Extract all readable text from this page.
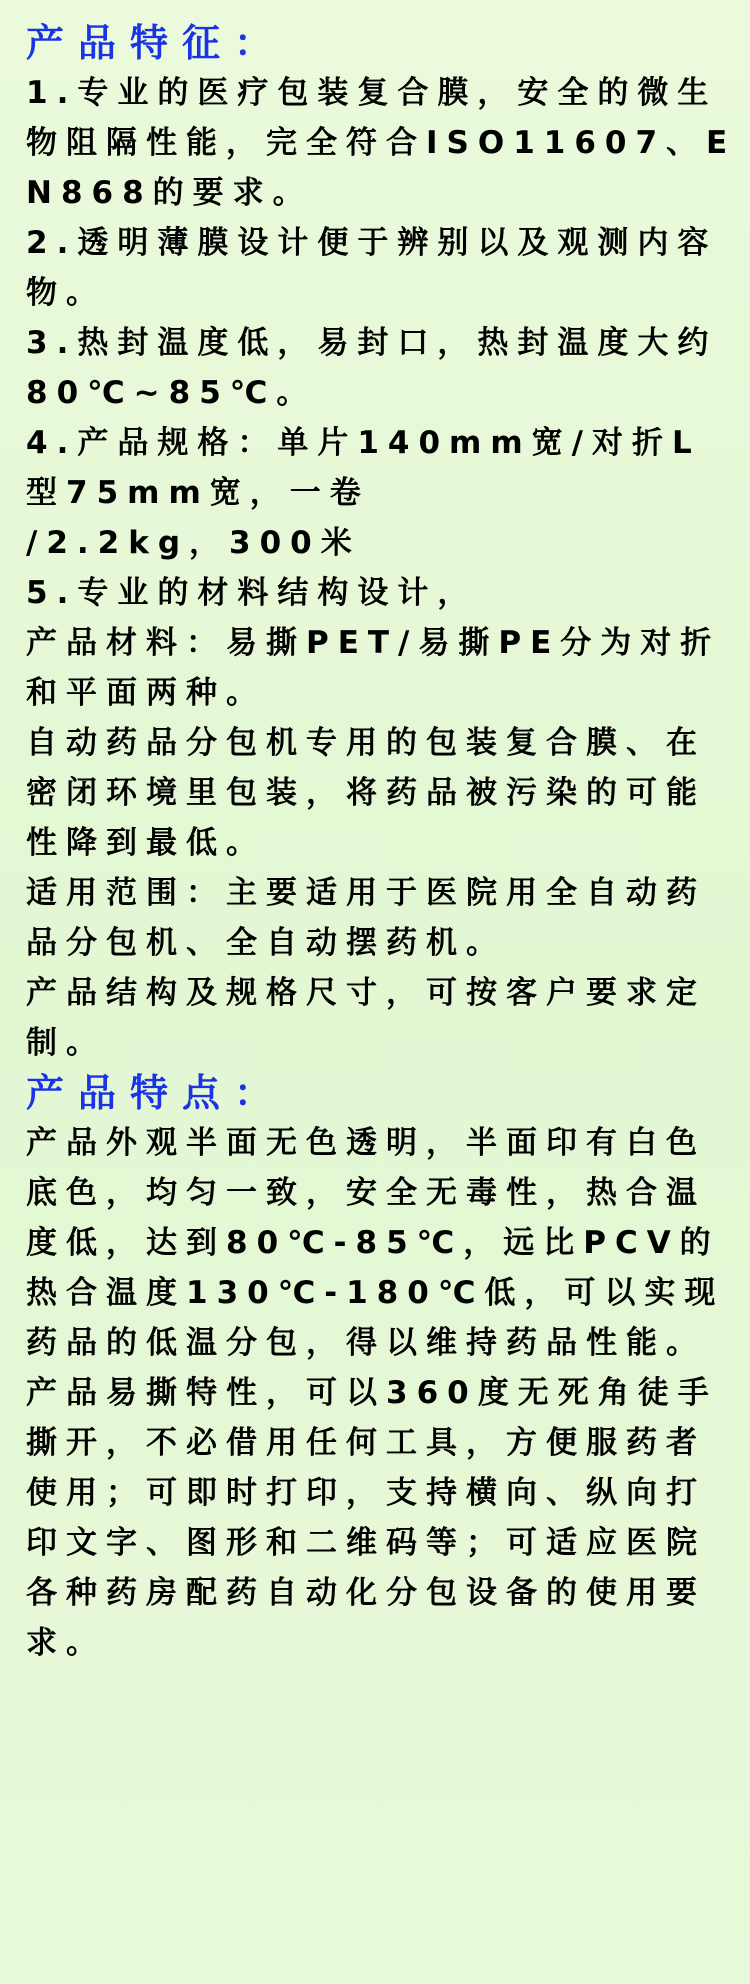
产品特征：

1.专业的医疗包装复合膜，安全的微生物阻隔性能，完全符合ISO11607、EN868的要求。

2.透明薄膜设计便于辨别以及观测内容物。

3.热封温度低，易封口，热封温度大约80℃~85℃。

4.产品规格：单片140mm宽/对折L型75mm宽，一卷
/2.2kg，300米

5.专业的材料结构设计，

产品材料：易撕PET/易撕PE分为对折和平面两种。

自动药品分包机专用的包装复合膜、在密闭环境里包装，将药品被污染的可能性降到最低。

适用范围：主要适用于医院用全自动药品分包机、全自动摆药机。

产品结构及规格尺寸，可按客户要求定制。

产品特点：

产品外观半面无色透明，半面印有白色底色，均匀一致，安全无毒性，热合温度低，达到80℃-85℃，远比PCV的热合温度130℃-180℃低，可以实现药品的低温分包，得以维持药品性能。产品易撕特性，可以360度无死角徒手撕开，不必借用任何工具，方便服药者使用；可即时打印，支持横向、纵向打印文字、图形和二维码等；可适应医院各种药房配药自动化分包设备的使用要求。
